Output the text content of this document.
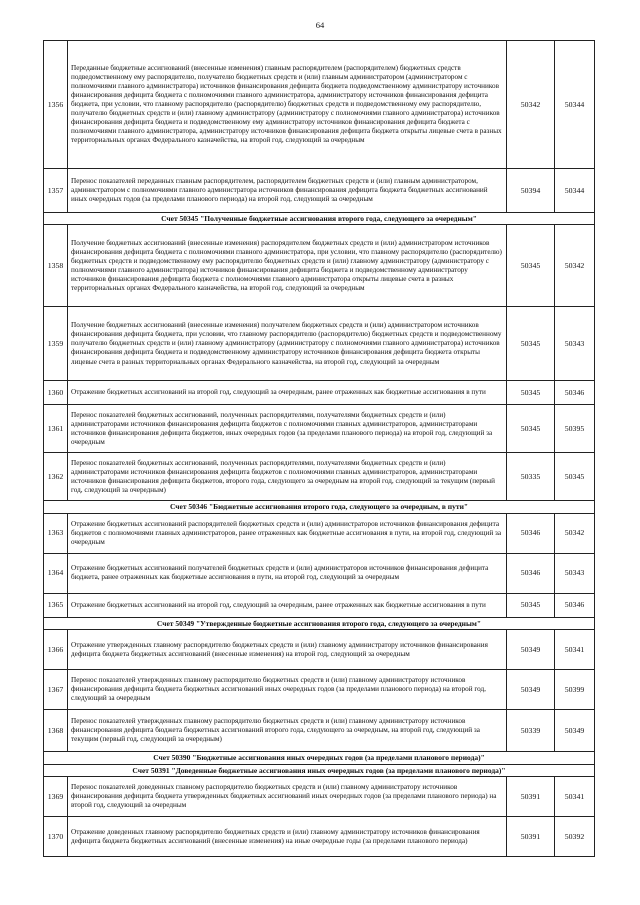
64
1356	Переданные бюджетные ассигнований (внесенные изменения) главным распорядителем (распорядителем) бюджетных средств подведомственному ему распорядителю, получателю бюджетных средств и (или) главным администратором (администратором с полномочиями главного администратора) источников финансирования дефицита бюджета подведомственному администратору источников финансирования дефицита бюджета с полномочиями главного администратора, администратору источников финансирования дефицита бюджета, при условии, что главному распорядителю (распорядителю) бюджетных средств и подведомственному ему распорядителю, получателю бюджетных средств и (или) главному администратору (администратору с полномочиями главного администратора) источников финансирования дефицита бюджета и подведомственному ему администратору источников финансирования дефицита бюджета с полномочиями главного администратора, администратору источников финансирования дефицита бюджета открыты лицевые счета в разных территориальных органах Федерального казначейства, на второй год, следующий за очередным	50342	50344
1357	Перенос показателей переданных главным распорядителем, распорядителем бюджетных средств и (или) главным администратором, администратором с полномочиями главного администратора источников финансирования дефицита бюджета бюджетных ассигнований иных очередных годов (за пределами планового периода) на второй год, следующий за очередным	50394	50344
Счет 50345 "Полученные бюджетные ассигнования второго года, следующего за очередным"			
1358	Получение бюджетных ассигнований (внесенные изменения) распорядителем бюджетных средств и (или) администратором источников финансирования дефицита бюджета с полномочиями главного администратора, при условии, что главному распорядителю (распорядителю) бюджетных средств и подведомственному ему распорядителю бюджетных средств и (или) главному администратору (администратору с полномочиями главного администратора) источников финансирования дефицита бюджета и подведомственному администратору источников финансирования дефицита бюджета с полномочиями главного администратора открыты лицевые счета в разных территориальных органах Федерального казначейства, на второй год, следующий за очередным	50345	50342
1359	Получение бюджетных ассигнований (внесенные изменения) получателем бюджетных средств и (или) администратором источников финансирования дефицита бюджета, при условии, что главному распорядителю (распорядителю) бюджетных средств и подведомственному получателю бюджетных средств и (или) главному администратору (администратору с полномочиями главного администратора) источников финансирования дефицита бюджета и подведомственному администратору источников финансирования дефицита бюджета открыты лицевые счета в разных территориальных органах Федерального казначейства, на второй год, следующий за очередным	50345	50343
1360	Отражение бюджетных ассигнований на второй год, следующий за очередным, ранее отраженных как бюджетные ассигнования в пути	50345	50346
1361	Перенос показателей бюджетных ассигнований, полученных распорядителями, получателями бюджетных средств и (или) администраторами источников финансирования дефицита бюджетов с полномочиями главных администраторов, администраторами источников финансирования дефицита бюджетов, иных очередных годов (за пределами планового периода) на второй год, следующий за очередным	50345	50395
1362	Перенос показателей бюджетных ассигнований, полученных распорядителями, получателями бюджетных средств и (или) администраторами источников финансирования дефицита бюджетов с полномочиями главных администраторов, администраторами источников финансирования дефицита бюджетов, второго года, следующего за очередным на второй год, следующий за текущим (первый год, следующий за очередным)	50335	50345
Счет 50346 "Бюджетные ассигнования второго года, следующего за очередным, в пути"			
1363	Отражение бюджетных ассигнований распорядителей бюджетных средств и (или) администраторов источников финансирования дефицита бюджетов с полномочиями главных администраторов, ранее отраженных как бюджетные ассигнования в пути, на второй год, следующий за очередным	50346	50342
1364	Отражение бюджетных ассигнований получателей бюджетных средств и (или) администраторов источников финансирования дефицита бюджета, ранее отраженных как бюджетные ассигнования в пути, на второй год, следующий за очередным	50346	50343
1365	Отражение бюджетных ассигнований на второй год, следующий за очередным, ранее отраженных как бюджетные ассигнования в пути	50345	50346
Счет 50349 "Утвержденные бюджетные ассигнования второго года, следующего за очередным"			
1366	Отражение утвержденных главному распорядителю бюджетных средств и (или) главному администратору источников финансирования дефицита бюджета бюджетных ассигнований (внесенные изменения) на второй год, следующий за очередным	50349	50341
1367	Перенос показателей утвержденных главному распорядителю бюджетных средств и (или) главному администратору источников финансирования дефицита бюджета бюджетных ассигнований иных очередных годов (за пределами планового периода) на второй год, следующий за очередным	50349	50399
1368	Перенос показателей утвержденных главному распорядителю бюджетных средств и (или) главному администратору источников финансирования дефицита бюджета бюджетных ассигнований второго года, следующего за очередным, на второй год, следующий за текущим (первый год, следующий за очередным)	50339	50349
Счет 50390 "Бюджетные ассигнования иных очередных годов (за пределами планового периода)"			
Счет 50391 "Доведенные бюджетные ассигнования иных очередных годов (за пределами планового периода)"			
1369	Перенос показателей доведенных главному распорядителю бюджетных средств и (или) главному администратору источников финансирования дефицита бюджета утвержденных бюджетных ассигнований иных очередных годов (за пределами планового периода) на второй год, следующий за очередным	50391	50341
1370	Отражение доведенных главному распорядителю бюджетных средств и (или) главному администратору источников финансирования дефицита бюджета бюджетных ассигнований (внесенные изменения) на иные очередные годы (за пределами планового периода)	50391	50392
